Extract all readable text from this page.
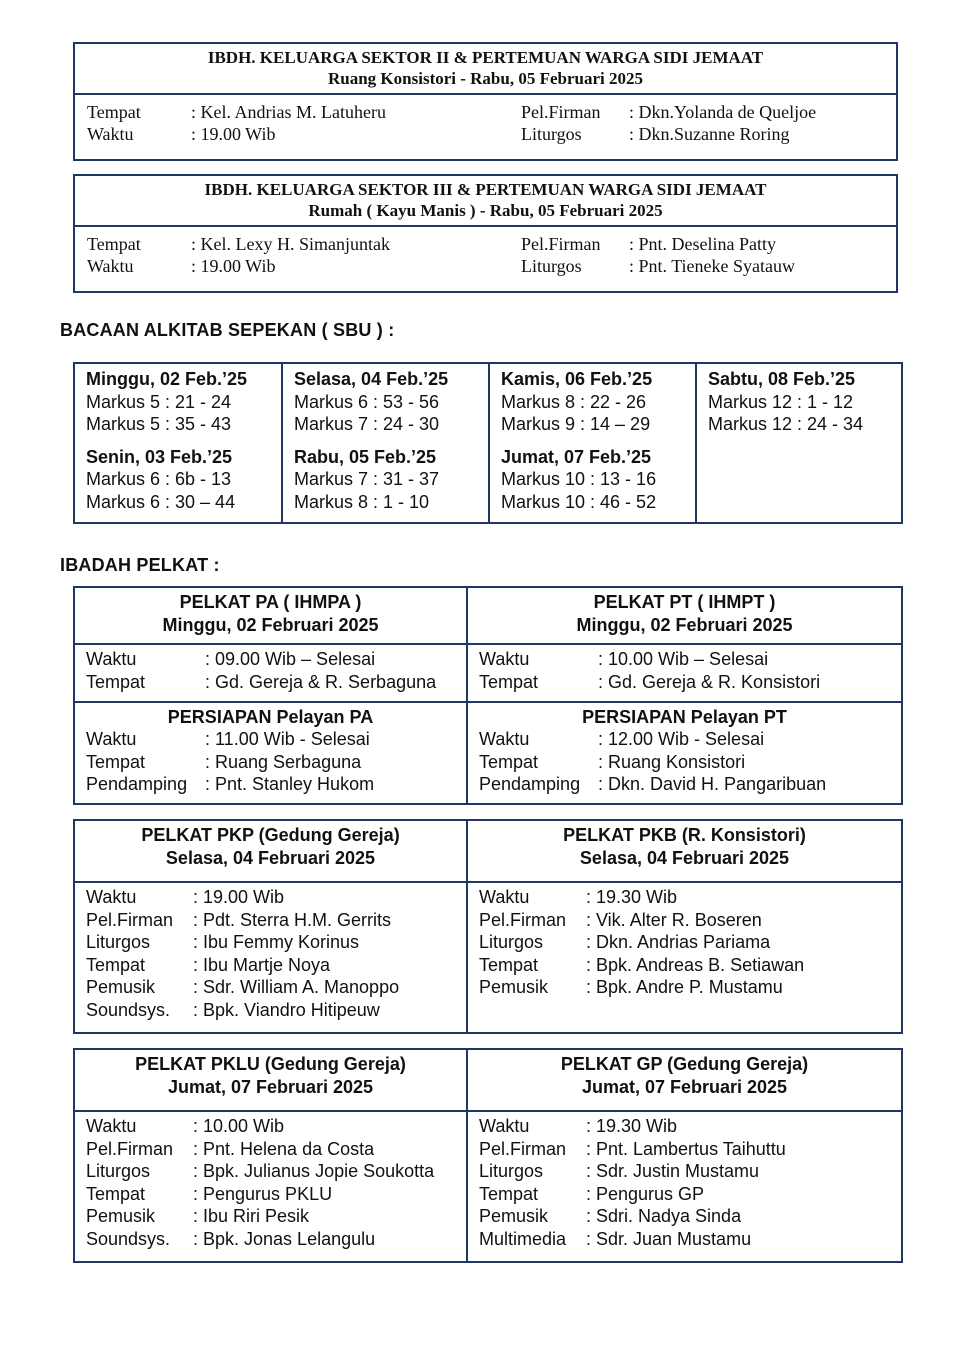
IBDH. KELUARGA SEKTOR II & PERTEMUAN WARGA SIDI JEMAAT
Ruang Konsistori - Rabu, 05 Februari 2025
Tempat	: Kel. Andrias M. Latuheru
Waktu	: 19.00 Wib
Pel.Firman	: Dkn.Yolanda de Queljoe
Liturgos	: Dkn.Suzanne Roring
IBDH. KELUARGA SEKTOR III & PERTEMUAN WARGA SIDI JEMAAT
Rumah ( Kayu Manis ) - Rabu, 05 Februari 2025
Tempat	: Kel. Lexy H. Simanjuntak
Waktu	: 19.00 Wib
Pel.Firman	: Pnt. Deselina Patty
Liturgos	: Pnt. Tieneke Syatauw
BACAAN ALKITAB SEPEKAN ( SBU ) :
Minggu, 02 Feb.’25
Markus 5 : 21 - 24
Markus 5 : 35 - 43
Senin, 03 Feb.’25
Markus 6 : 6b - 13
Markus 6 : 30 – 44
Selasa, 04 Feb.’25
Markus 6 : 53 - 56
Markus 7 : 24 - 30
Rabu, 05 Feb.’25
Markus 7 : 31 - 37
Markus 8 : 1 - 10
Kamis, 06 Feb.’25
Markus 8 : 22 - 26
Markus 9 : 14 – 29
Jumat, 07 Feb.’25
Markus 10 : 13 - 16
Markus 10 : 46 - 52
Sabtu, 08 Feb.’25
Markus 12 : 1 - 12
Markus 12 : 24 - 34
IBADAH PELKAT :
PELKAT PA ( IHMPA )
Minggu, 02 Februari 2025
PELKAT PT ( IHMPT )
Minggu, 02 Februari 2025
Waktu	: 09.00 Wib – Selesai
Tempat	: Gd. Gereja & R. Serbaguna
Waktu	: 10.00 Wib – Selesai
Tempat	: Gd. Gereja & R. Konsistori
PERSIAPAN Pelayan PA
Waktu	: 11.00 Wib - Selesai
Tempat	: Ruang Serbaguna
Pendamping : Pnt. Stanley Hukom
PERSIAPAN Pelayan PT
Waktu	: 12.00 Wib - Selesai
Tempat	: Ruang Konsistori
Pendamping : Dkn. David H. Pangaribuan
PELKAT PKP (Gedung Gereja)
Selasa, 04 Februari 2025
PELKAT PKB (R. Konsistori)
Selasa, 04 Februari 2025
Waktu	: 19.00 Wib
Pel.Firman	: Pdt. Sterra H.M. Gerrits
Liturgos	: Ibu Femmy Korinus
Tempat	: Ibu Martje Noya
Pemusik	: Sdr. William A. Manoppo
Soundsys.	: Bpk. Viandro Hitipeuw
Waktu	: 19.30 Wib
Pel.Firman	: Vik. Alter R. Boseren
Liturgos	: Dkn. Andrias Pariama
Tempat	: Bpk. Andreas B. Setiawan
Pemusik	: Bpk. Andre P. Mustamu
PELKAT PKLU (Gedung Gereja)
Jumat, 07 Februari 2025
PELKAT GP (Gedung Gereja)
Jumat, 07 Februari 2025
Waktu	: 10.00 Wib
Pel.Firman	: Pnt. Helena da Costa
Liturgos	: Bpk. Julianus Jopie Soukotta
Tempat	: Pengurus PKLU
Pemusik	: Ibu Riri Pesik
Soundsys.	: Bpk. Jonas Lelangulu
Waktu	: 19.30 Wib
Pel.Firman	: Pnt. Lambertus Taihuttu
Liturgos	: Sdr. Justin Mustamu
Tempat	: Pengurus GP
Pemusik	: Sdri. Nadya Sinda
Multimedia	: Sdr. Juan Mustamu
